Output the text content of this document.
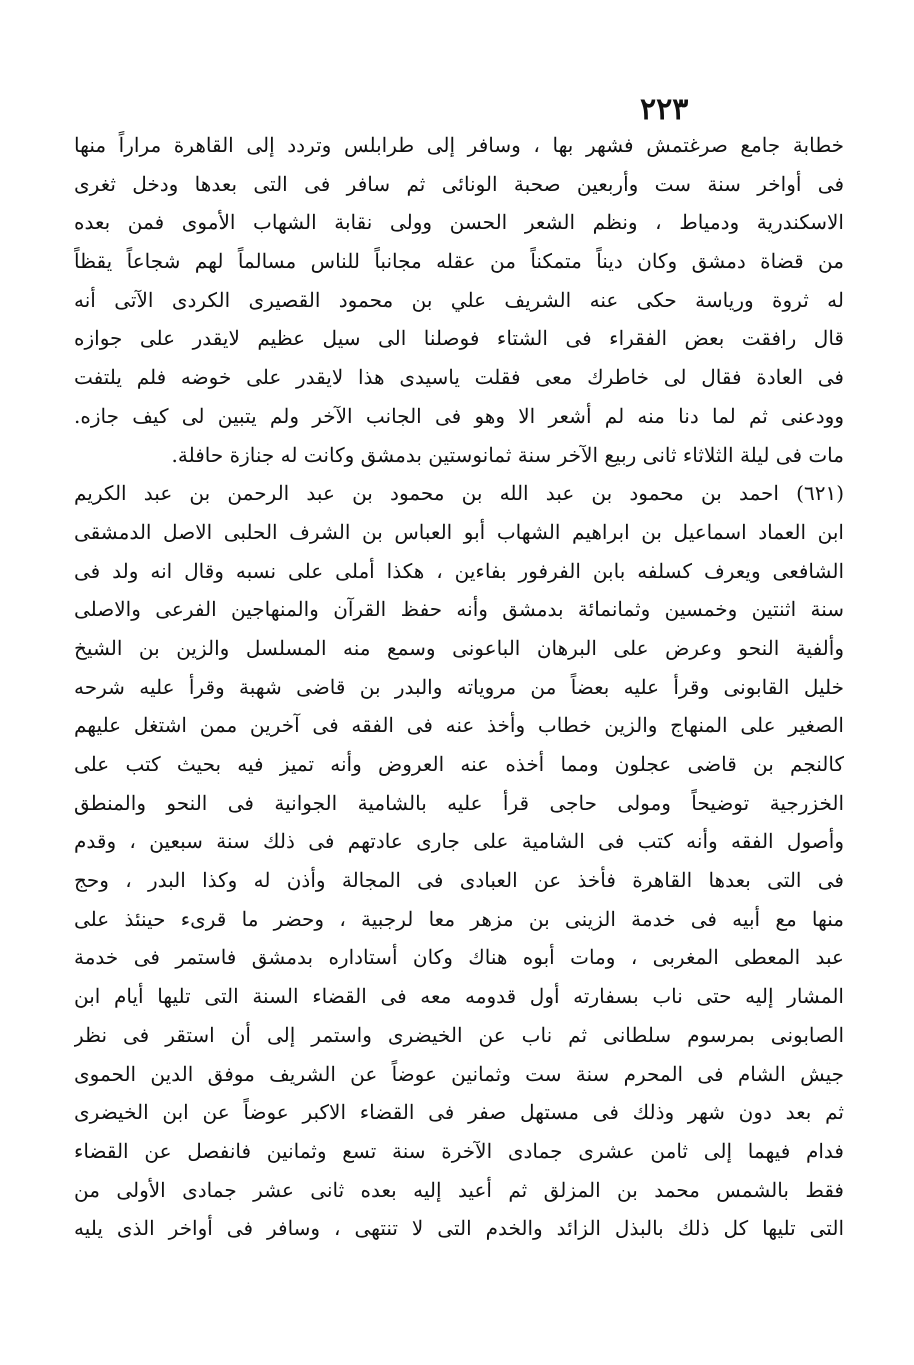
٢٢٣
خطابة جامع صرغتمش فشهر بها ، وسافر إلى طرابلس وتردد إلى القاهرة مراراً منها
فى أواخر سنة ست وأربعين صحبة الونائى ثم سافر فى التى بعدها ودخل ثغرى
الاسكندرية ودمياط ، ونظم الشعر الحسن وولى نقابة الشهاب الأموى فمن بعده
من قضاة دمشق وكان ديناً متمكناً من عقله مجانباً للناس مسالماً لهم شجاعاً يقظاً
له ثروة ورياسة حكى عنه الشريف علي بن محمود القصيرى الكردى الآتى أنه
قال رافقت بعض الفقراء فى الشتاء فوصلنا الى سيل عظيم لايقدر على جوازه
فى العادة فقال لى خاطرك معى فقلت ياسيدى هذا لايقدر على خوضه فلم يلتفت
وودعنى ثم لما دنا منه لم أشعر الا وهو فى الجانب الآخر ولم يتبين لى كيف جازه.
مات فى ليلة الثلاثاء ثانى ربيع الآخر سنة ثمانوستين بدمشق وكانت له جنازة حافلة.
(٦٢١) احمد بن محمود بن عبد الله بن محمود بن عبد الرحمن بن عبد الكريم
ابن العماد اسماعيل بن ابراهيم الشهاب أبو العباس بن الشرف الحلبى الاصل الدمشقى
الشافعى ويعرف كسلفه بابن الفرفور بفاءين ، هكذا أملى على نسبه وقال انه ولد فى
سنة اثنتين وخمسين وثمانمائة بدمشق وأنه حفظ القرآن والمنهاجين الفرعى والاصلى
وألفية النحو وعرض على البرهان الباعونى وسمع منه المسلسل والزين بن الشيخ
خليل القابونى وقرأ عليه بعضاً من مروياته والبدر بن قاضى شهبة وقرأ عليه شرحه
الصغير على المنهاج والزين خطاب وأخذ عنه فى الفقه فى آخرين ممن اشتغل عليهم
كالنجم بن قاضى عجلون ومما أخذه عنه العروض وأنه تميز فيه بحيث كتب على
الخزرجية توضيحاً ومولى حاجى قرأ عليه بالشامية الجوانية فى النحو والمنطق
وأصول الفقه وأنه كتب فى الشامية على جارى عادتهم فى ذلك سنة سبعين ، وقدم
فى التى بعدها القاهرة فأخذ عن العبادى فى المجالة وأذن له وكذا البدر ، وحج
منها مع أبيه فى خدمة الزينى بن مزهر معا لرجبية ، وحضر ما قرىء حينئذ على
عبد المعطى المغربى ، ومات أبوه هناك وكان أستاداره بدمشق فاستمر فى خدمة
المشار إليه حتى ناب بسفارته أول قدومه معه فى القضاء السنة التى تليها أيام ابن
الصابونى بمرسوم سلطانى ثم ناب عن الخيضرى واستمر إلى أن استقر فى نظر
جيش الشام فى المحرم سنة ست وثمانين عوضاً عن الشريف موفق الدين الحموى
ثم بعد دون شهر وذلك فى مستهل صفر فى القضاء الاكبر عوضاً عن ابن الخيضرى
فدام فيهما إلى ثامن عشرى جمادى الآخرة سنة تسع وثمانين فانفصل عن القضاء
فقط بالشمس محمد بن المزلق ثم أعيد إليه بعده ثانى عشر جمادى الأولى من
التى تليها كل ذلك بالبذل الزائد والخدم التى لا تنتهى ، وسافر فى أواخر الذى يليه
